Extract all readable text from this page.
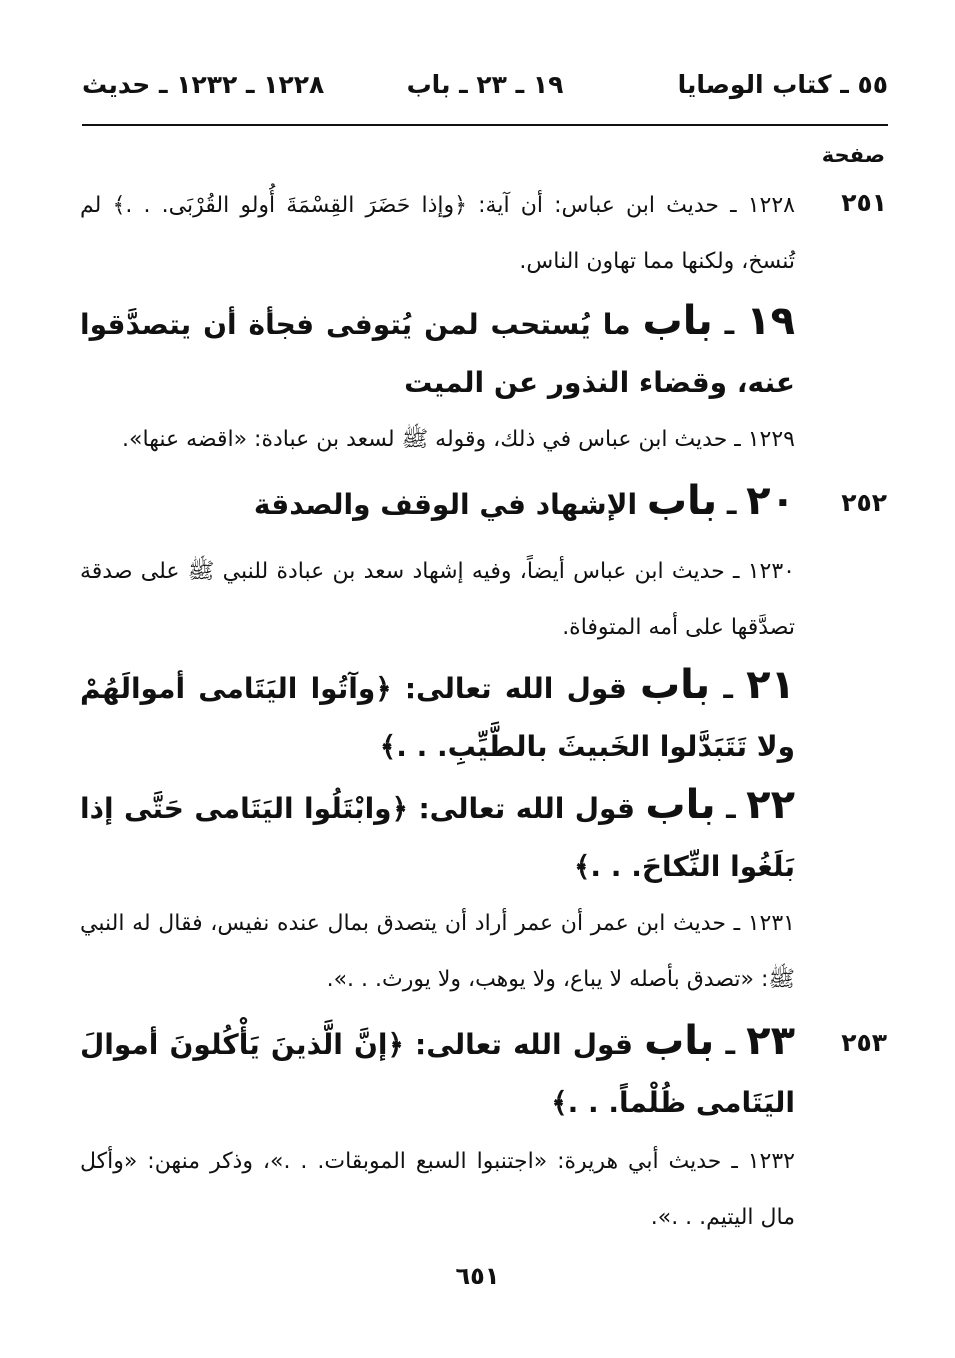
٥٥ ـ كتاب الوصايا
١٩ ـ ٢٣ ـ باب
١٢٢٨ ـ ١٢٣٢ ـ حديث
صفحة
٢٥١
٢٥٢
٢٥٣
١٢٢٨ ـ حديث ابن عباس: أن آية: ﴿وإذا حَضَرَ القِسْمَةَ أُولو القُرْبَى. . .﴾ لم تُنسخ، ولكنها مما تهاون الناس.
١٩ ـ باب ما يُستحب لمن يُتوفى فجأة أن يتصدَّقوا عنه، وقضاء النذور عن الميت
١٢٢٩ ـ حديث ابن عباس في ذلك، وقوله ﷺ لسعد بن عبادة: «اقضه عنها».
٢٠ ـ باب الإشهاد في الوقف والصدقة
١٢٣٠ ـ حديث ابن عباس أيضاً، وفيه إشهاد سعد بن عبادة للنبي ﷺ على صدقة تصدَّقها على أمه المتوفاة.
٢١ ـ باب قول الله تعالى: ﴿وآتُوا اليَتَامى أموالَهُمْ ولا تَتَبَدَّلوا الخَبيثَ بالطَّيِّبِ. . .﴾
٢٢ ـ باب قول الله تعالى: ﴿وابْتَلُوا اليَتَامى حَتَّى إذا بَلَغُوا النِّكاحَ. . .﴾
١٢٣١ ـ حديث ابن عمر أن عمر أراد أن يتصدق بمال عنده نفيس، فقال له النبي ﷺ: «تصدق بأصله لا يباع، ولا يوهب، ولا يورث. . .».
٢٣ ـ باب قول الله تعالى: ﴿إنَّ الَّذينَ يَأْكُلونَ أموالَ اليَتَامى ظُلْماً. . .﴾
١٢٣٢ ـ حديث أبي هريرة: «اجتنبوا السبع الموبقات. . .»، وذكر منهن: «وأكل مال اليتيم. . .».
٦٥١
